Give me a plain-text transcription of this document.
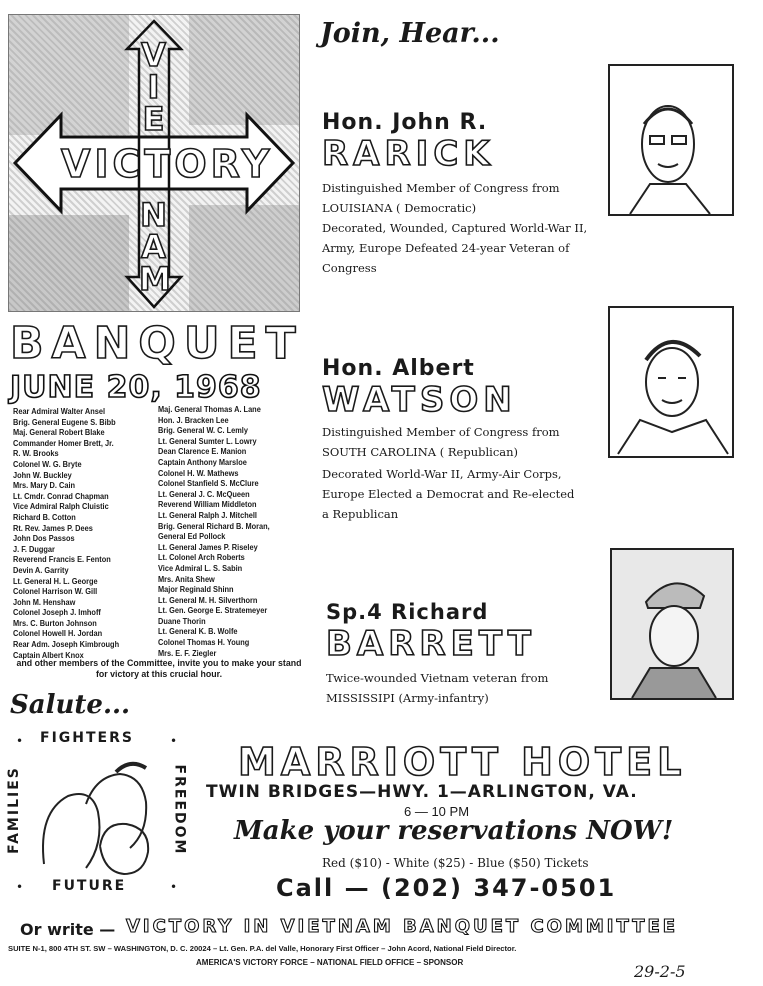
V
I
E
N
A
M
VICTORY
BANQUET
JUNE 20, 1968
Rear Admiral Walter Ansel
Brig. General Eugene S. Bibb
Maj. General Robert Blake
Commander Homer Brett, Jr.
R. W. Brooks
Colonel W. G. Bryte
John W. Buckley
Mrs. Mary D. Cain
Lt. Cmdr. Conrad Chapman
Vice Admiral Ralph Cluistic
Richard B. Cotton
Rt. Rev. James P. Dees
John Dos Passos
J. F. Duggar
Reverend Francis E. Fenton
Devin A. Garrity
Lt. General H. L. George
Colonel Harrison W. Gill
John M. Henshaw
Colonel Joseph J. Imhoff
Mrs. C. Burton Johnson
Colonel Howell H. Jordan
Rear Adm. Joseph Kimbrough
Captain Albert Knox
Maj. General Thomas A. Lane
Hon. J. Bracken Lee
Brig. General W. C. Lemly
Lt. General Sumter L. Lowry
Dean Clarence E. Manion
Captain Anthony Marsloe
Colonel H. W. Mathews
Colonel Stanfield S. McClure
Lt. General J. C. McQueen
Reverend William Middleton
Lt. General Ralph J. Mitchell
Brig. General Richard B. Moran,
General Ed Pollock
Lt. General James P. Riseley
Lt. Colonel Arch Roberts
Vice Admiral L. S. Sabin
Mrs. Anita Shew
Major Reginald Shinn
Lt. General M. H. Silverthorn
Lt. Gen. George E. Stratemeyer
Duane Thorin
Lt. General K. B. Wolfe
Colonel Thomas H. Young
Mrs. E. F. Ziegler
and other members of the Committee, invite you to make your stand for victory at this crucial hour.
Join, Hear...
Hon. John R.
RARICK
Distinguished Member of Congress from LOUISIANA ( Democratic)
Decorated, Wounded, Captured World-War II, Army, Europe Defeated 24-year Veteran of Congress
Hon. Albert
WATSON
Distinguished Member of Congress from SOUTH CAROLINA ( Republican)
Decorated World-War II, Army-Air Corps, Europe Elected a Democrat and Re-elected a Republican
Sp.4 Richard
BARRETT
Twice-wounded Vietnam veteran from MISSISSIPI (Army-infantry)
Salute...
FIGHTERS
FUTURE
FAMILIES	FREEDOM
•	•
•	•
MARRIOTT HOTEL
TWIN BRIDGES—HWY. 1—ARLINGTON, VA.
6 — 10 PM
Make your reservations NOW!
Red ($10) - White ($25) - Blue ($50) Tickets
Call — (202) 347-0501
Or write — VICTORY IN VIETNAM BANQUET COMMITTEE
SUITE N-1, 800 4TH ST. SW – WASHINGTON, D. C. 20024 – Lt. Gen. P.A. del Valle, Honorary First Officer – John Acord, National Field Director.
AMERICA'S VICTORY FORCE – NATIONAL FIELD OFFICE – SPONSOR	29-2-5
